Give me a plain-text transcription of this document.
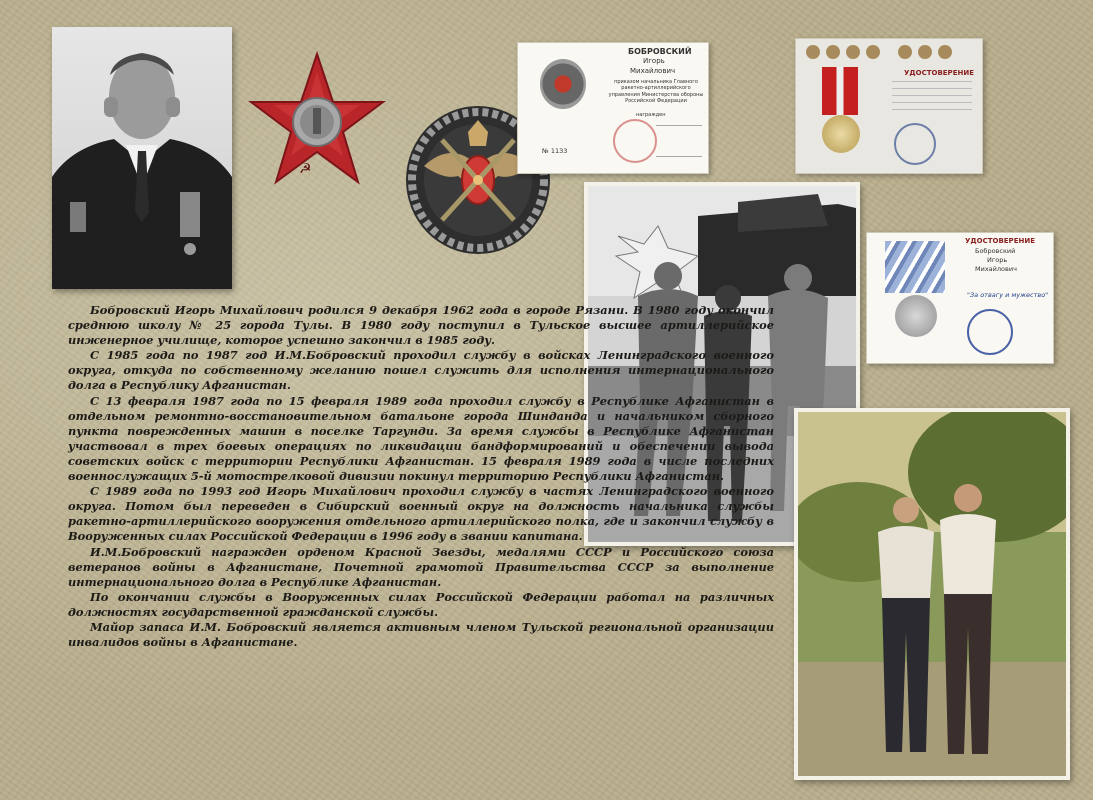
☭
БОБРОВСКИЙ
Игорь
Михайлович
приказом начальника Главного ракетно-артиллерийского управления Министерства обороны Российской Федерации
награжден
№ 1133
УДОСТОВЕРЕНИЕ
УДОСТОВЕРЕНИЕ
Бобровский
Игорь
Михайлович
"За отвагу и мужество"

Бобровский Игорь Михайлович родился 9 декабря 1962 года в городе Рязани. В 1980 году окончил среднюю школу № 25 города Тулы. В 1980 году поступил в Тульское высшее артиллерийское инженерное училище, которое успешно закончил в 1985 году.

С 1985 года по 1987 год И.М.Бобровский проходил службу в войсках Ленинградского военного округа, откуда по собственному желанию пошел служить для исполнения интернационального долга в Республику Афганистан.

С 13 февраля 1987 года по 15 февраля 1989 года проходил службу в Республике Афганистан в отдельном ремонтно-восстановительном батальоне города Шинданда и начальником сборного пункта поврежденных машин в поселке Таргунди. За время службы в Республике Афганистан участвовал в трех боевых операциях по ликвидации бандформирований и обеспечении вывода советских войск с территории Республики Афганистан. 15 февраля 1989 года в числе последних военнослужащих 5-й мотострелковой дивизии покинул территорию Республики Афганистан.

С 1989 года по 1993 год Игорь Михайлович проходил службу в частях Ленинградского военного округа. Потом был переведен в Сибирский военный округ на должность начальника службы ракетно-артиллерийского вооружения отдельного артиллерийского полка, где и закончил службу в Вооруженных силах Российской Федерации в 1996 году в звании капитана.

И.М.Бобровский награжден орденом Красной Звезды, медалями СССР и Российского союза ветеранов войны в Афганистане, Почетной грамотой Правительства СССР за выполнение интернационального долга в Республике Афганистан.

По окончании службы в Вооруженных силах Российской Федерации работал на различных должностях государственной гражданской службы.

Майор запаса И.М. Бобровский является активным членом Тульской региональной организации инвалидов войны в Афганистане.
